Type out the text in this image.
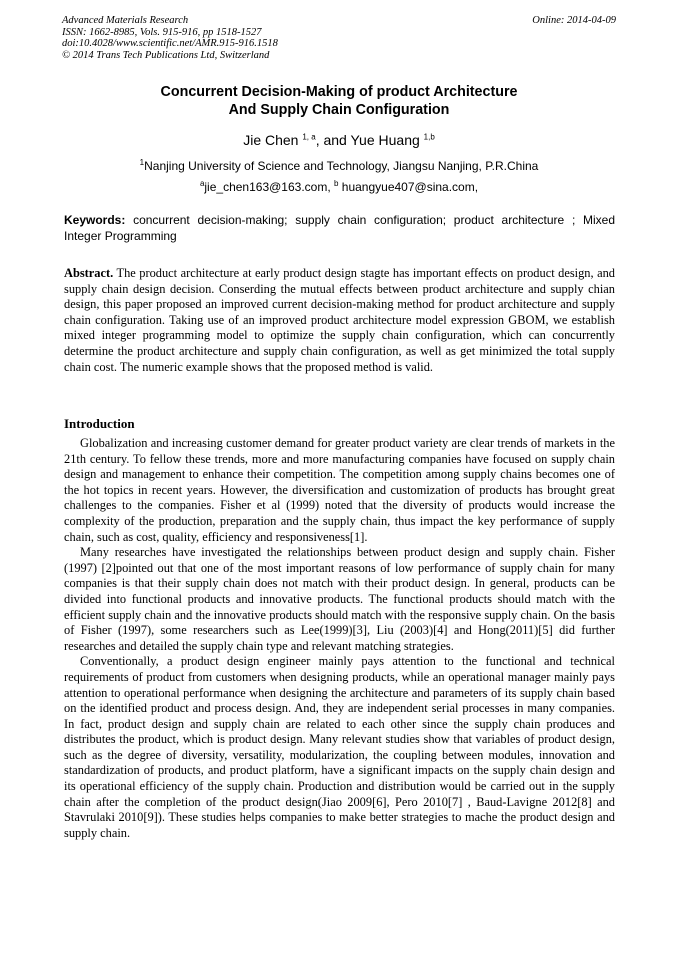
Advanced Materials Research
ISSN: 1662-8985, Vols. 915-916, pp 1518-1527
doi:10.4028/www.scientific.net/AMR.915-916.1518
© 2014 Trans Tech Publications Ltd, Switzerland
Online: 2014-04-09
Concurrent Decision-Making of product Architecture
And Supply Chain Configuration
Jie Chen $^{1, a}$, and Yue Huang $^{1,b}$
$^1$Nanjing University of Science and Technology, Jiangsu Nanjing, P.R.China
$^a$jie_chen163@163.com, $^b$ huangyue407@sina.com,
Keywords: concurrent decision-making; supply chain configuration; product architecture ; Mixed Integer Programming
Abstract. The product architecture at early product design stagte has important effects on product design, and supply chain design decision. Conserding the mutual effects between product architecture and supply chian design, this paper proposed an improved current decision-making method for product architecture and supply chain configuration. Taking use of an improved product architecture model expression GBOM, we establish mixed integer programming model to optimize the supply chain configuration, which can concurrently determine the product architecture and supply chain configuration, as well as get minimized the total supply chain cost. The numeric example shows that the proposed method is valid.
Introduction

Globalization and increasing customer demand for greater product variety are clear trends of markets in the 21th century. To fellow these trends, more and more manufacturing companies have focused on supply chain design and management to enhance their competition. The competition among supply chains becomes one of the hot topics in recent years. However, the diversification and customization of products has brought great challenges to the companies. Fisher et al (1999) noted that the diversity of products would increase the complexity of the production, preparation and the supply chain, thus impact the key performance of supply chain, such as cost, quality, efficiency and responsiveness[1].

Many researches have investigated the relationships between product design and supply chain. Fisher (1997) [2]pointed out that one of the most important reasons of low performance of supply chain for many companies is that their supply chain does not match with their product design. In general, products can be divided into functional products and innovative products. The functional products should match with the efficient supply chain and the innovative products should match with the responsive supply chain. On the basis of Fisher (1997), some researchers such as Lee(1999)[3], Liu (2003)[4] and Hong(2011)[5] did further researches and detailed the supply chain type and relevant matching strategies.

Conventionally, a product design engineer mainly pays attention to the functional and technical requirements of product from customers when designing products, while an operational manager mainly pays attention to operational performance when designing the architecture and parameters of its supply chain based on the identified product and process design. And, they are independent serial processes in many companies. In fact, product design and supply chain are related to each other since the supply chain produces and distributes the product, which is product design. Many relevant studies show that variables of product design, such as the degree of diversity, versatility, modularization, the coupling between modules, innovation and standardization of products, and product platform, have a significant impacts on the supply chain design and its operational efficiency of the supply chain. Production and distribution would be carried out in the supply chain after the completion of the product design(Jiao 2009[6], Pero 2010[7] , Baud-Lavigne 2012[8] and Stavrulaki 2010[9]). These studies helps companies to make better strategies to mache the product design and supply chain.
